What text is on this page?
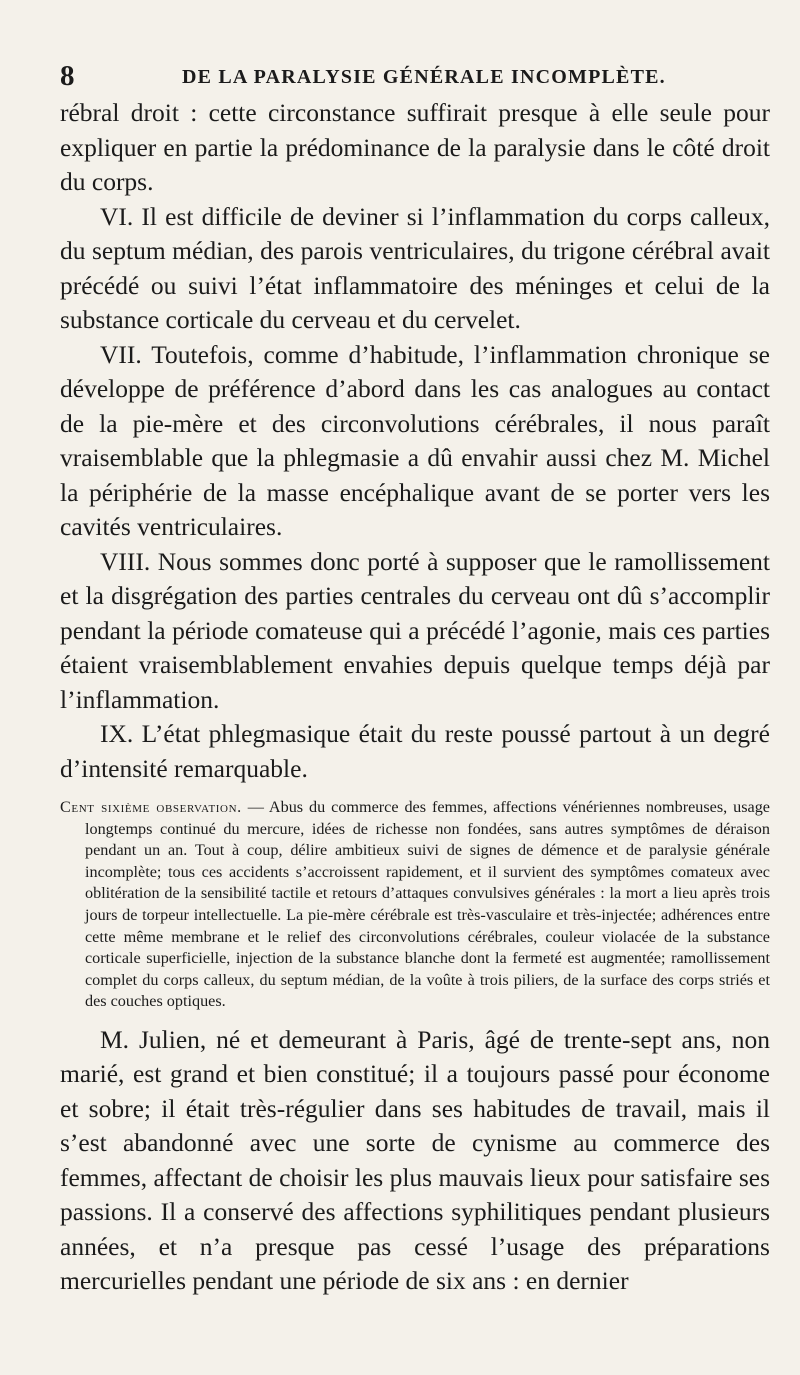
8	DE LA PARALYSIE GÉNÉRALE INCOMPLÈTE.

rébral droit : cette circonstance suffirait presque à elle seule pour expliquer en partie la prédominance de la paralysie dans le côté droit du corps.

VI. Il est difficile de deviner si l’inflammation du corps calleux, du septum médian, des parois ventriculaires, du trigone cérébral avait précédé ou suivi l’état inflammatoire des méninges et celui de la substance corticale du cerveau et du cervelet.

VII. Toutefois, comme d’habitude, l’inflammation chronique se développe de préférence d’abord dans les cas analogues au contact de la pie-mère et des circonvolutions cérébrales, il nous paraît vraisemblable que la phlegmasie a dû envahir aussi chez M. Michel la périphérie de la masse encéphalique avant de se porter vers les cavités ventriculaires.

VIII. Nous sommes donc porté à supposer que le ramollissement et la disgrégation des parties centrales du cerveau ont dû s’accomplir pendant la période comateuse qui a précédé l’agonie, mais ces parties étaient vraisemblablement envahies depuis quelque temps déjà par l’inflammation.

IX. L’état phlegmasique était du reste poussé partout à un degré d’intensité remarquable.

Cent sixième observation. — Abus du commerce des femmes, affections vénériennes nombreuses, usage longtemps continué du mercure, idées de richesse non fondées, sans autres symptômes de déraison pendant un an. Tout à coup, délire ambitieux suivi de signes de démence et de paralysie générale incomplète; tous ces accidents s’accroissent rapidement, et il survient des symptômes comateux avec oblitération de la sensibilité tactile et retours d’attaques convulsives générales : la mort a lieu après trois jours de torpeur intellectuelle. La pie-mère cérébrale est très-vasculaire et très-injectée; adhérences entre cette même membrane et le relief des circonvolutions cérébrales, couleur violacée de la substance corticale superficielle, injection de la substance blanche dont la fermeté est augmentée; ramollissement complet du corps calleux, du septum médian, de la voûte à trois piliers, de la surface des corps striés et des couches optiques.

M. Julien, né et demeurant à Paris, âgé de trente-sept ans, non marié, est grand et bien constitué; il a toujours passé pour économe et sobre; il était très-régulier dans ses habitudes de travail, mais il s’est abandonné avec une sorte de cynisme au commerce des femmes, affectant de choisir les plus mauvais lieux pour satisfaire ses passions. Il a conservé des affections syphilitiques pendant plusieurs années, et n’a presque pas cessé l’usage des préparations mercurielles pendant une période de six ans : en dernier
